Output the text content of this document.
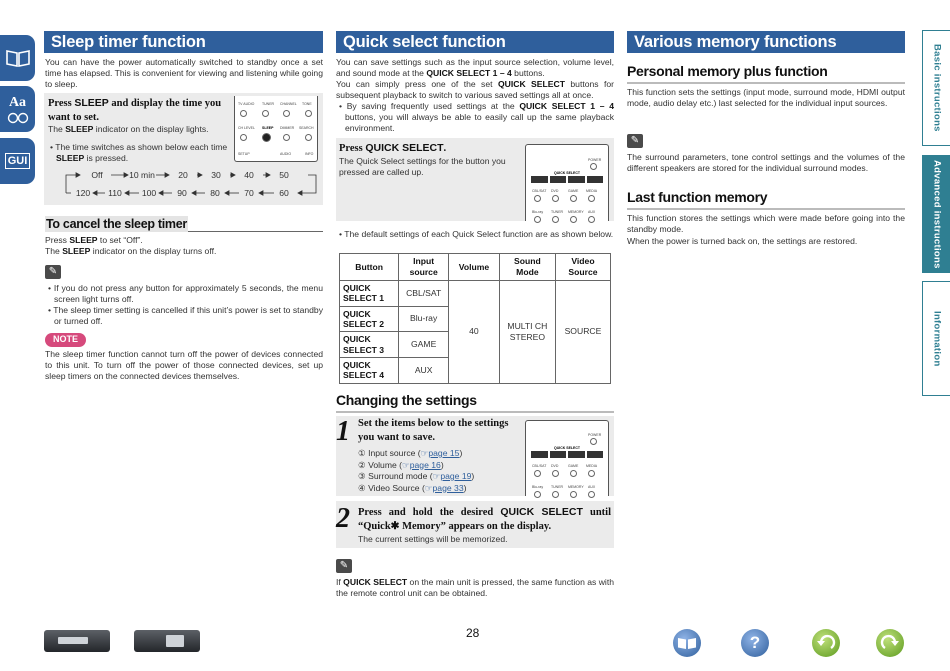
Aa
GUI
Sleep timer function
You can have the power automatically switched to standby once a set time has elapsed. This is convenient for viewing and listening while going to sleep.
Press SLEEP and display the time you want to set.
The SLEEP indicator on the display lights.
• The time switches as shown below each time SLEEP is pressed.
TV AUDIO TUNER CHANNEL TONE
CH LEVEL SLEEP DIMMER SEARCH
SETUP	AUDIO	INFO
Off	10 min	20	30	40	50
120 110 100 90	80	70	60
To cancel the sleep timer
Press SLEEP to set “Off”.
The SLEEP indicator on the display turns off.
✎
• If you do not press any button for approximately 5 seconds, the menu screen light turns off.
• The sleep timer setting is cancelled if this unit’s power is set to standby or turned off.
NOTE
The sleep timer function cannot turn off the power of devices connected to this unit. To turn off the power of those connected devices, set up sleep timers on the connected devices themselves.
Quick select function
You can save settings such as the input source selection, volume level, and sound mode at the QUICK SELECT 1 – 4 buttons.
You can simply press one of the set QUICK SELECT buttons for subsequent playback to switch to various saved settings all at once.
• By saving frequently used settings at the QUICK SELECT 1 – 4 buttons, you will always be able to easily call up the same playback environment.
Press QUICK SELECT.
The Quick Select settings for the button you pressed are called up.
POWER
QUICK SELECT
CBL/SAT DVD	GAME MEDIA
Blu-ray TUNER MEMORY AUX
• The default settings of each Quick Select function are as shown below.
Button	Input source	Volume	Sound Mode	Video Source
QUICK SELECT 1	CBL/SAT	40	MULTI CH STEREO	SOURCE
QUICK SELECT 2	Blu-ray			
QUICK SELECT 3	GAME			
QUICK SELECT 4	AUX			
Changing the settings
1 Set the items below to the settings you want to save.
① Input source (☞page 15)
② Volume (☞page 16)
③ Surround mode (☞page 19)
④ Video Source (☞page 33)
POWER
QUICK SELECT
CBL/SAT DVD	GAME MEDIA
Blu-ray TUNER MEMORY AUX
2 Press and hold the desired QUICK SELECT until “Quick✱ Memory” appears on the display.
The current settings will be memorized.
✎
If QUICK SELECT on the main unit is pressed, the same function as with the remote control unit can be obtained.
Various memory functions
Personal memory plus function
This function sets the settings (input mode, surround mode, HDMI output mode, audio delay etc.) last selected for the individual input sources.
✎
The surround parameters, tone control settings and the volumes of the different speakers are stored for the individual surround modes.
Last function memory
This function stores the settings which were made before going into the standby mode.
When the power is turned back on, the settings are restored.
Basic instructions
Advanced instructions
Information
28	?
